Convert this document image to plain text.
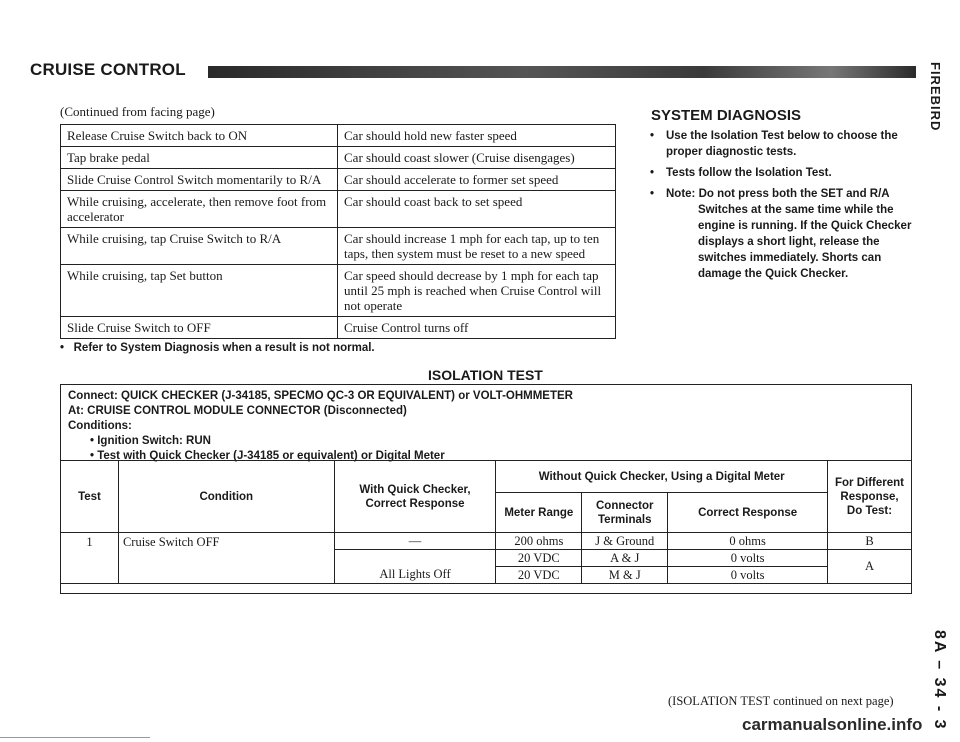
CRUISE CONTROL	FIREBIRD
8A – 34 - 3
(Continued from facing page)
Release Cruise Switch back to ON	Car should hold new faster speed
Tap brake pedal	Car should coast slower (Cruise disengages)
Slide Cruise Control Switch momentarily to R/A	Car should accelerate to former set speed
While cruising, accelerate, then remove foot from accelerator	Car should coast back to set speed
While cruising, tap Cruise Switch to R/A	Car should increase 1 mph for each tap, up to ten taps, then system must be reset to a new speed
While cruising, tap Set button	Car speed should decrease by 1 mph for each tap until 25 mph is reached when Cruise Control will not operate
Slide Cruise Switch to OFF	Cruise Control turns off
•   Refer to System Diagnosis when a result is not normal.
SYSTEM DIAGNOSIS
• Use the Isolation Test below to choose the proper diagnostic tests.
• Tests follow the Isolation Test.
• Note: Do not press both the SET and R/A
Switches at the same time while the engine is running. If the Quick Checker displays a short light, release the switches immediately. Shorts can damage the Quick Checker.
ISOLATION TEST
Connect: QUICK CHECKER (J-34185, SPECMO QC-3 OR EQUIVALENT) or VOLT-OHMMETER
At: CRUISE CONTROL MODULE CONNECTOR (Disconnected)
Conditions:
• Ignition Switch: RUN
• Test with Quick Checker (J-34185 or equivalent) or Digital Meter
Test	Condition	With Quick Checker, Correct Response	Without Quick Checker, Using a Digital Meter			For Different Response, Do Test:
			Meter Range	Connector Terminals	Correct Response	
1	Cruise Switch OFF	—	200 ohms	J & Ground	0 ohms	B
		All Lights Off	20 VDC	A & J	0 volts	A
			20 VDC	M & J	0 volts	
(ISOLATION TEST continued on next page)
carmanualsonline.info
